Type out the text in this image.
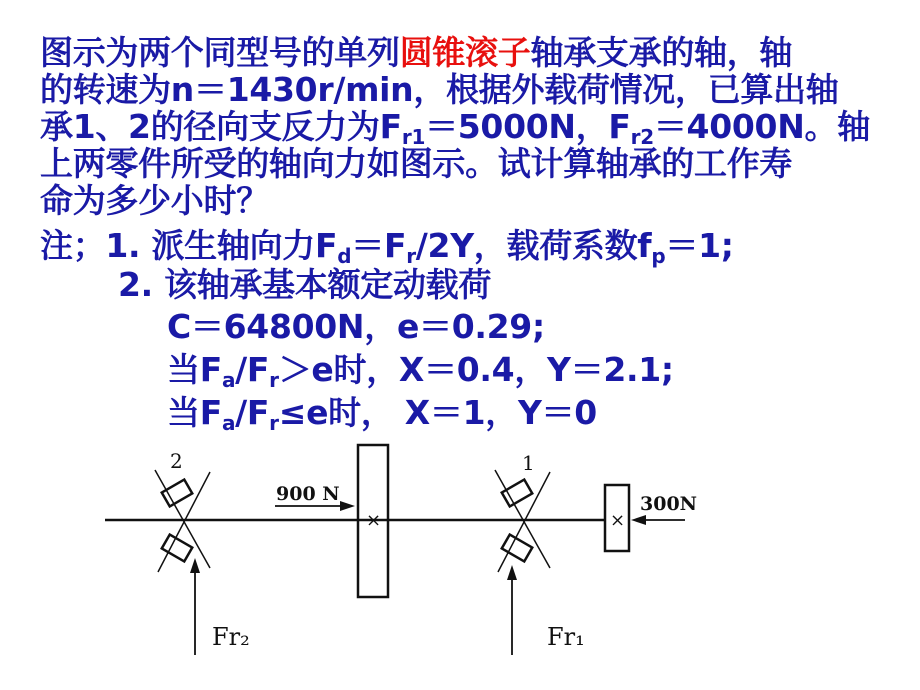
图示为两个同型号的单列圆锥滚子轴承支承的轴，轴
的转速为n＝1430r/min，根据外载荷情况，已算出轴
承1、2的径向支反力为$F_{r1}=5000N$，$F_{r2}=4000N$。轴
上两零件所受的轴向力如图示。试计算轴承的工作寿
命为多少小时？
注；1. 派生轴向力$F_d=F_r/2Y$，载荷系数$f_p=1$;
2. 该轴承基本额定动载荷
C＝64800N，e＝0.29;
当$F_a/F_r>e$时，X＝0.4，Y＝2.1;
当$F_a/F_r\le e$时， X＝1，Y＝0
2	1
900 N	300N
×	×
Fr₂	Fr₁
